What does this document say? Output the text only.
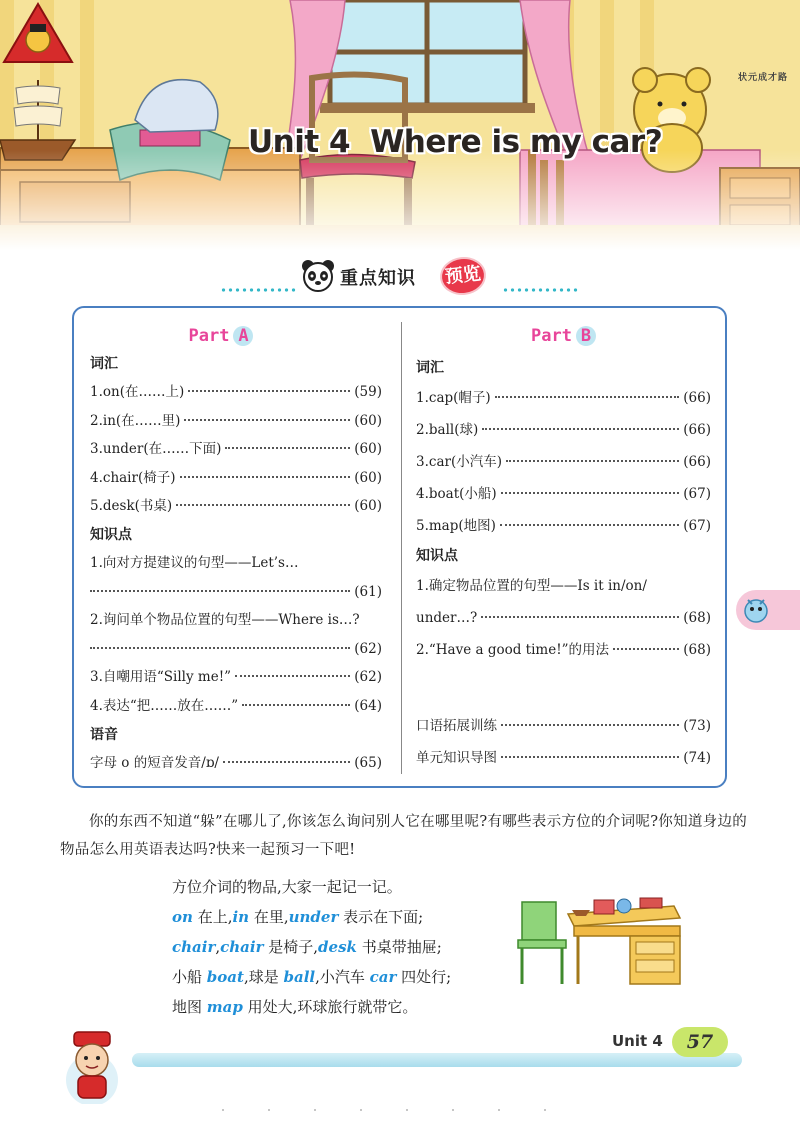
Unit 4 Where is my car?
状元成才路
重点知识 预览
Part A
词汇
1.on(在……上)	(59)
2.in(在……里)	(60)
3.under(在……下面)	(60)
4.chair(椅子)	(60)
5.desk(书桌)	(60)
知识点
1.向对方提建议的句型——Let’s…
(61)
2.询问单个物品位置的句型——Where is…?
(62)
3.自嘲用语“Silly me!”	(62)
4.表达“把……放在……”	(64)
语音
字母 o 的短音发音/ɒ/	(65)
Part B
词汇
1.cap(帽子)	(66)
2.ball(球)	(66)
3.car(小汽车)	(66)
4.boat(小船)	(67)
5.map(地图)	(67)
知识点
1.确定物品位置的句型——Is it in/on/
under…?	(68)
2.“Have a good time!”的用法	(68)
口语拓展训练	(73)
单元知识导图	(74)

你的东西不知道“躲”在哪儿了,你该怎么询问别人它在哪里呢?有哪些表示方位的介词呢?你知道身边的物品怎么用英语表达吗?快来一起预习一下吧!

方位介词的物品,大家一起记一记。
on 在上,in 在里,under 表示在下面;
chair,chair 是椅子,desk 书桌带抽屉;
小船 boat,球是 ball,小汽车 car 四处行;
地图 map 用处大,环球旅行就带它。
Unit 4	57
